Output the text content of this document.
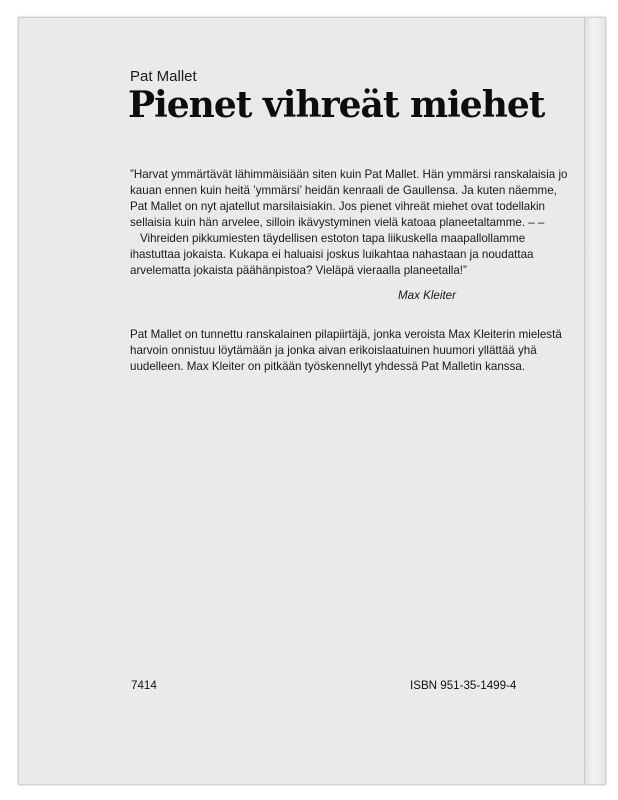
Pat Mallet
Pienet vihreät miehet

”Harvat ymmärtävät lähimmäisiään siten kuin Pat Mallet. Hän ymmärsi ranskalaisia jo kauan ennen kuin heitä ’ymmärsi’ heidän kenraali de Gaullensa. Ja kuten näemme, Pat Mallet on nyt ajatellut marsilaisiakin. Jos pienet vihreät miehet ovat todellakin sellaisia kuin hän arvelee, silloin ikävystyminen vielä katoaa planeetaltamme. – –

Vihreiden pikkumiesten täydellisen estoton tapa liikuskella maapallollamme ihastuttaa jokaista. Kukapa ei haluaisi joskus luikahtaa nahastaan ja noudattaa arvelematta jokaista päähänpistoa? Vieläpä vieraalla planeetalla!”

Max Kleiter

Pat Mallet on tunnettu ranskalainen pilapiirtäjä, jonka veroista Max Kleiterin mielestä harvoin onnistuu löytämään ja jonka aivan erikoislaatuinen huumori yllättää yhä uudelleen. Max Kleiter on pitkään työskennellyt yhdessä Pat Malletin kanssa.

7414	ISBN 951-35-1499-4
